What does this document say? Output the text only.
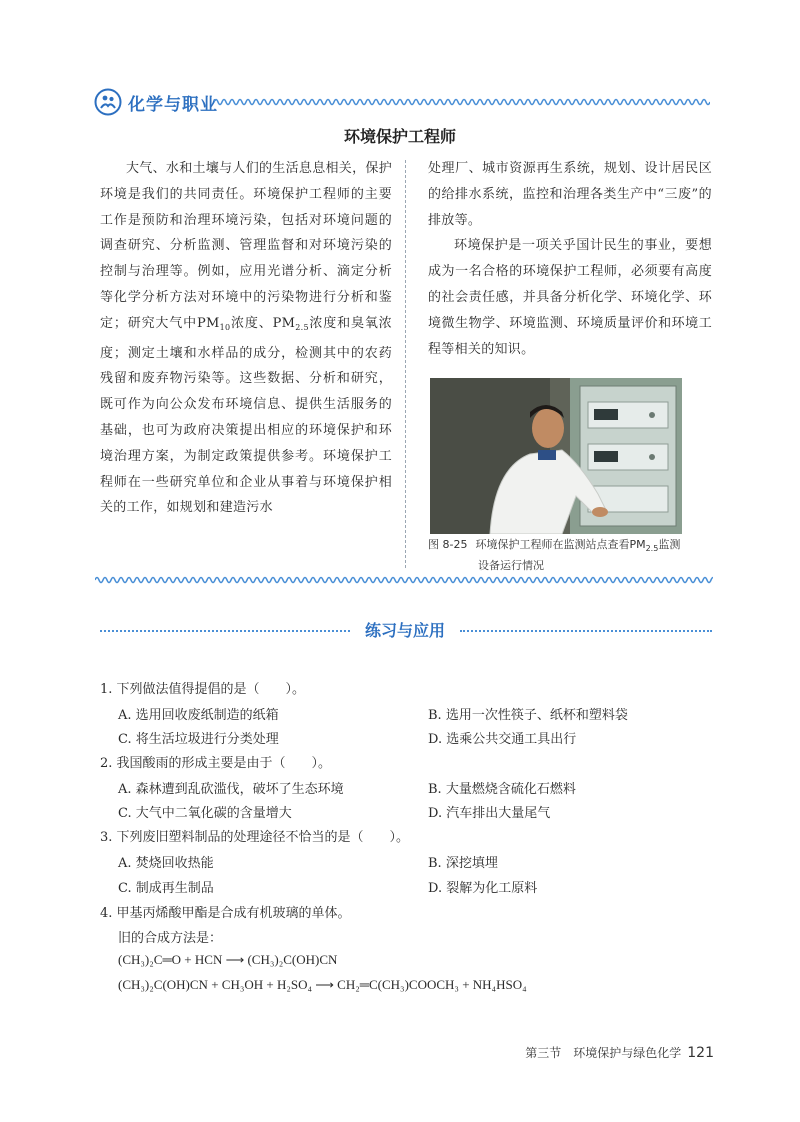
化学与职业
环境保护工程师

大气、水和土壤与人们的生活息息相关，保护环境是我们的共同责任。环境保护工程师的主要工作是预防和治理环境污染，包括对环境问题的调查研究、分析监测、管理监督和对环境污染的控制与治理等。例如，应用光谱分析、滴定分析等化学分析方法对环境中的污染物进行分析和鉴定；研究大气中$PM_{10}$浓度、$PM_{2.5}$浓度和臭氧浓度；测定土壤和水样品的成分，检测其中的农药残留和废弃物污染等。这些数据、分析和研究，既可作为向公众发布环境信息、提供生活服务的基础，也可为政府决策提出相应的环境保护和环境治理方案，为制定政策提供参考。环境保护工程师在一些研究单位和企业从事着与环境保护相关的工作，如规划和建造污水

处理厂、城市资源再生系统，规划、设计居民区的给排水系统，监控和治理各类生产中“三废”的排放等。

环境保护是一项关乎国计民生的事业，要想成为一名合格的环境保护工程师，必须要有高度的社会责任感，并具备分析化学、环境化学、环境微生物学、环境监测、环境质量评价和环境工程等相关的知识。

图 8-25 环境保护工程师在监测站点查看$PM_{2.5}$监测
设备运行情况
练习与应用
1. 下列做法值得提倡的是（　　）。
A. 选用回收废纸制造的纸箱	B. 选用一次性筷子、纸杯和塑料袋
C. 将生活垃圾进行分类处理	D. 选乘公共交通工具出行
2. 我国酸雨的形成主要是由于（　　）。
A. 森林遭到乱砍滥伐，破坏了生态环境	B. 大量燃烧含硫化石燃料
C. 大气中二氧化碳的含量增大	D. 汽车排出大量尾气
3. 下列废旧塑料制品的处理途径不恰当的是（　　）。
A. 焚烧回收热能	B. 深挖填埋
C. 制成再生制品	D. 裂解为化工原料
4. 甲基丙烯酸甲酯是合成有机玻璃的单体。
旧的合成方法是：
(CH₃)₂C═O + HCN ⟶ (CH₃)₂C(OH)CN
(CH₃)₂C(OH)CN + CH₃OH + H₂SO₄ ⟶ CH₂═C(CH₃)COOCH₃ + NH₄HSO₄
第三节　环境保护与绿色化学 121
